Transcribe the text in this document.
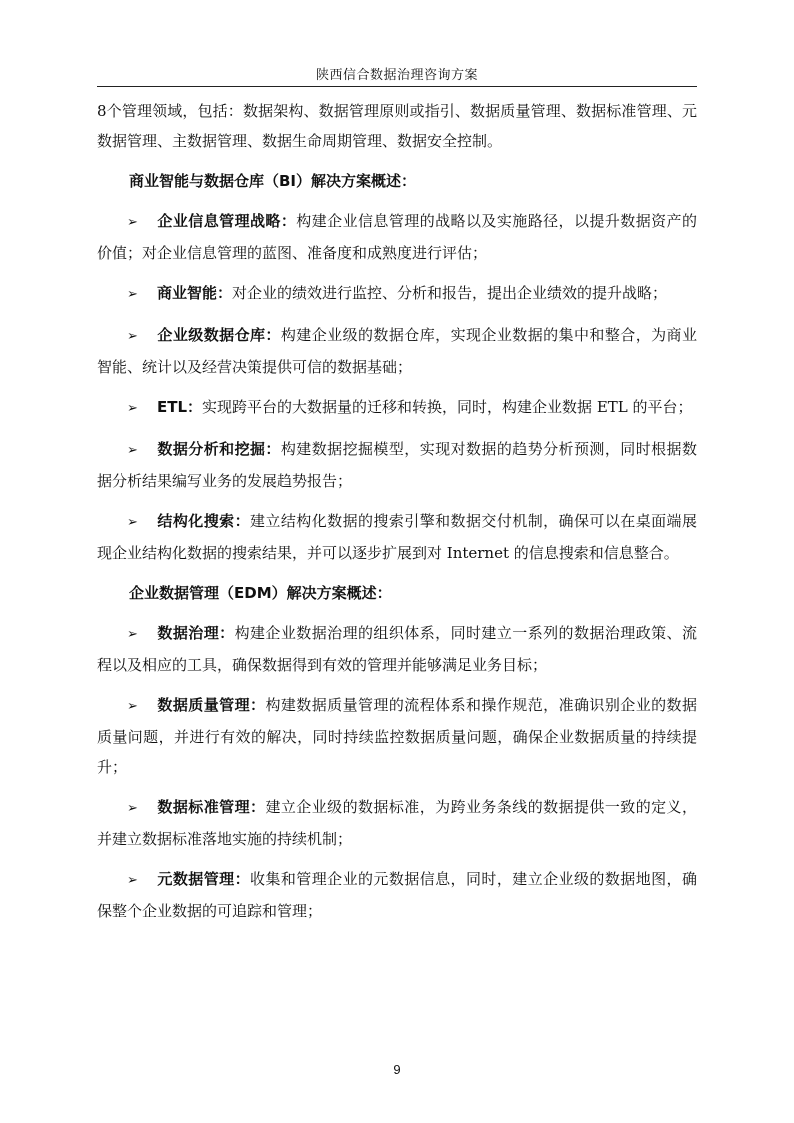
陕西信合数据治理咨询方案

8个管理领域，包括：数据架构、数据管理原则或指引、数据质量管理、数据标准管理、元数据管理、主数据管理、数据生命周期管理、数据安全控制。

商业智能与数据仓库（BI）解决方案概述：

➢ 企业信息管理战略：构建企业信息管理的战略以及实施路径，以提升数据资产的价值；对企业信息管理的蓝图、准备度和成熟度进行评估；

➢ 商业智能：对企业的绩效进行监控、分析和报告，提出企业绩效的提升战略；

➢ 企业级数据仓库：构建企业级的数据仓库，实现企业数据的集中和整合，为商业智能、统计以及经营决策提供可信的数据基础；

➢ ETL：实现跨平台的大数据量的迁移和转换，同时，构建企业数据 ETL 的平台；

➢ 数据分析和挖掘：构建数据挖掘模型，实现对数据的趋势分析预测，同时根据数据分析结果编写业务的发展趋势报告；

➢ 结构化搜索：建立结构化数据的搜索引擎和数据交付机制，确保可以在桌面端展现企业结构化数据的搜索结果，并可以逐步扩展到对 Internet 的信息搜索和信息整合。

企业数据管理（EDM）解决方案概述：

➢ 数据治理：构建企业数据治理的组织体系，同时建立一系列的数据治理政策、流程以及相应的工具，确保数据得到有效的管理并能够满足业务目标；

➢ 数据质量管理：构建数据质量管理的流程体系和操作规范，准确识别企业的数据质量问题，并进行有效的解决，同时持续监控数据质量问题，确保企业数据质量的持续提升；

➢ 数据标准管理：建立企业级的数据标准，为跨业务条线的数据提供一致的定义，并建立数据标准落地实施的持续机制；

➢ 元数据管理：收集和管理企业的元数据信息，同时，建立企业级的数据地图，确保整个企业数据的可追踪和管理；

9
